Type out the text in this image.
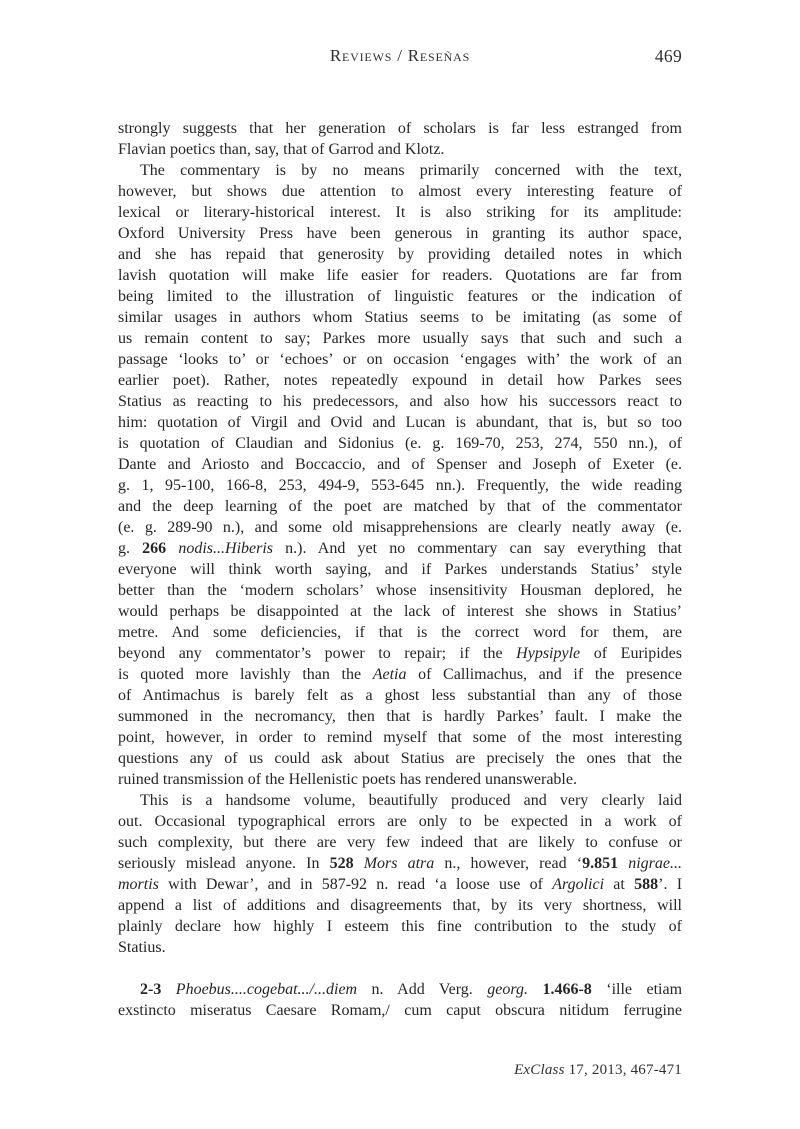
Reviews / Reseñas	469
strongly suggests that her generation of scholars is far less estranged from
Flavian poetics than, say, that of Garrod and Klotz.
The commentary is by no means primarily concerned with the text,
however, but shows due attention to almost every interesting feature of
lexical or literary-historical interest. It is also striking for its amplitude:
Oxford University Press have been generous in granting its author space,
and she has repaid that generosity by providing detailed notes in which
lavish quotation will make life easier for readers. Quotations are far from
being limited to the illustration of linguistic features or the indication of
similar usages in authors whom Statius seems to be imitating (as some of
us remain content to say; Parkes more usually says that such and such a
passage ‘looks to’ or ‘echoes’ or on occasion ‘engages with’ the work of an
earlier poet). Rather, notes repeatedly expound in detail how Parkes sees
Statius as reacting to his predecessors, and also how his successors react to
him: quotation of Virgil and Ovid and Lucan is abundant, that is, but so too
is quotation of Claudian and Sidonius (e. g. 169-70, 253, 274, 550 nn.), of
Dante and Ariosto and Boccaccio, and of Spenser and Joseph of Exeter (e.
g. 1, 95-100, 166-8, 253, 494-9, 553-645 nn.). Frequently, the wide reading
and the deep learning of the poet are matched by that of the commentator
(e. g. 289-90 n.), and some old misapprehensions are clearly neatly away (e.
g. 266 nodis...Hiberis n.). And yet no commentary can say everything that
everyone will think worth saying, and if Parkes understands Statius’ style
better than the ‘modern scholars’ whose insensitivity Housman deplored, he
would perhaps be disappointed at the lack of interest she shows in Statius’
metre. And some deficiencies, if that is the correct word for them, are
beyond any commentator’s power to repair; if the Hypsipyle of Euripides
is quoted more lavishly than the Aetia of Callimachus, and if the presence
of Antimachus is barely felt as a ghost less substantial than any of those
summoned in the necromancy, then that is hardly Parkes’ fault. I make the
point, however, in order to remind myself that some of the most interesting
questions any of us could ask about Statius are precisely the ones that the
ruined transmission of the Hellenistic poets has rendered unanswerable.
This is a handsome volume, beautifully produced and very clearly laid
out. Occasional typographical errors are only to be expected in a work of
such complexity, but there are very few indeed that are likely to confuse or
seriously mislead anyone. In 528 Mors atra n., however, read ‘9.851 nigrae...
mortis with Dewar’, and in 587-92 n. read ‘a loose use of Argolici at 588’. I
append a list of additions and disagreements that, by its very shortness, will
plainly declare how highly I esteem this fine contribution to the study of
Statius.
2-3 Phoebus....cogebat.../...diem n. Add Verg. georg. 1.466-8 ‘ille etiam
exstincto miseratus Caesare Romam,/ cum caput obscura nitidum ferrugine
ExClass 17, 2013, 467-471
